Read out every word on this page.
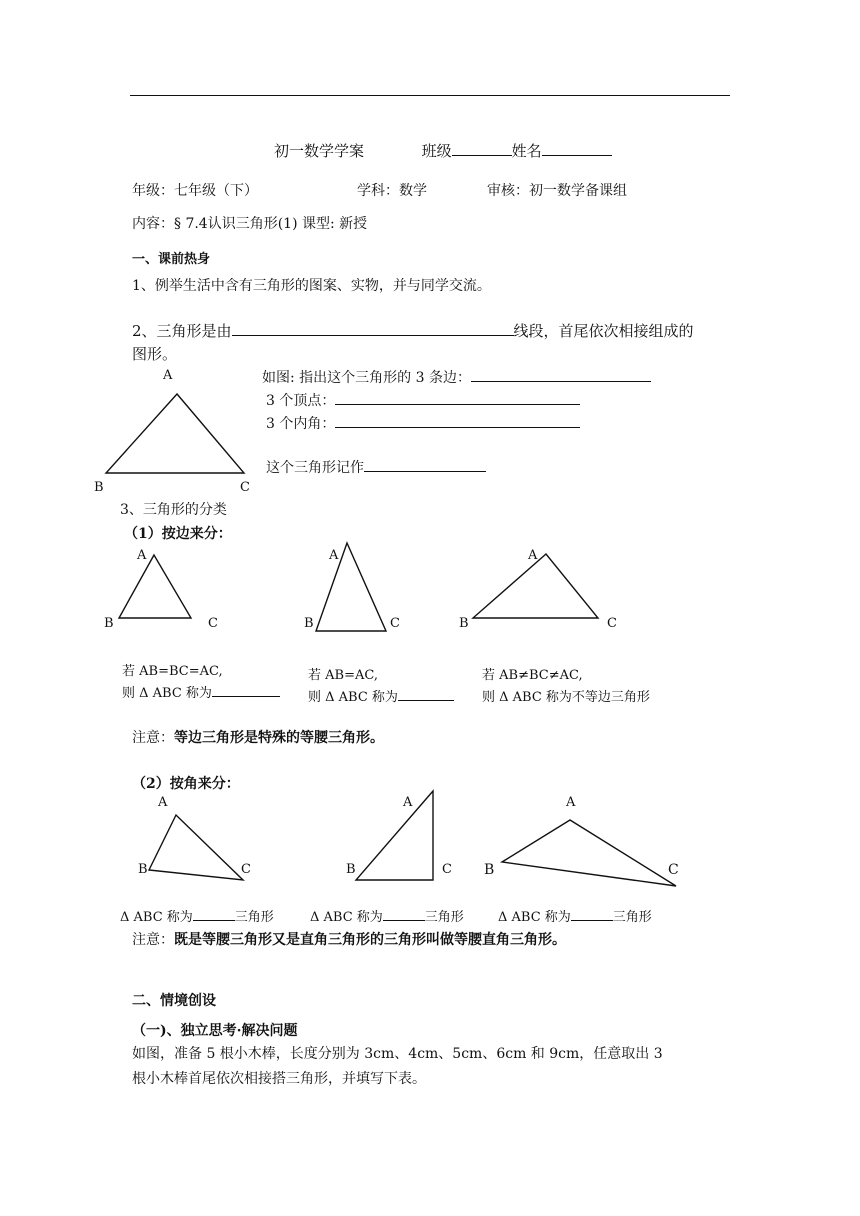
初一数学学案	班级	姓名
年级：七年级（下）	学科：数学	审核：初一数学备课组
内容：§ 7.4认识三角形(1) 课型: 新授
一、课前热身
1、例举生活中含有三角形的图案、实物，并与同学交流。
2、三角形是由	线段，首尾依次相接组成的
图形。
A
B	C
如图: 指出这个三角形的 3 条边：
3 个顶点：
3 个内角：
这个三角形记作
3、三角形的分类
（1）按边来分：
A
B	C
A
B	C
A
B	C
若 AB=BC=AC,
则 Δ ABC 称为
若 AB=AC,
则 Δ ABC 称为
若 AB≠BC≠AC,
则 Δ ABC 称为不等边三角形
注意：等边三角形是特殊的等腰三角形。
（2）按角来分：
A
B	C
A
B	C
A
B	C
Δ ABC 称为	三角形	Δ ABC 称为	三角形	Δ ABC 称为	三角形
注意：既是等腰三角形又是直角三角形的三角形叫做等腰直角三角形。
二、情境创设
（一)、独立思考·解决问题
如图，准备 5 根小木棒，长度分别为 3cm、4cm、5cm、6cm 和 9cm，任意取出 3
根小木棒首尾依次相接搭三角形，并填写下表。
